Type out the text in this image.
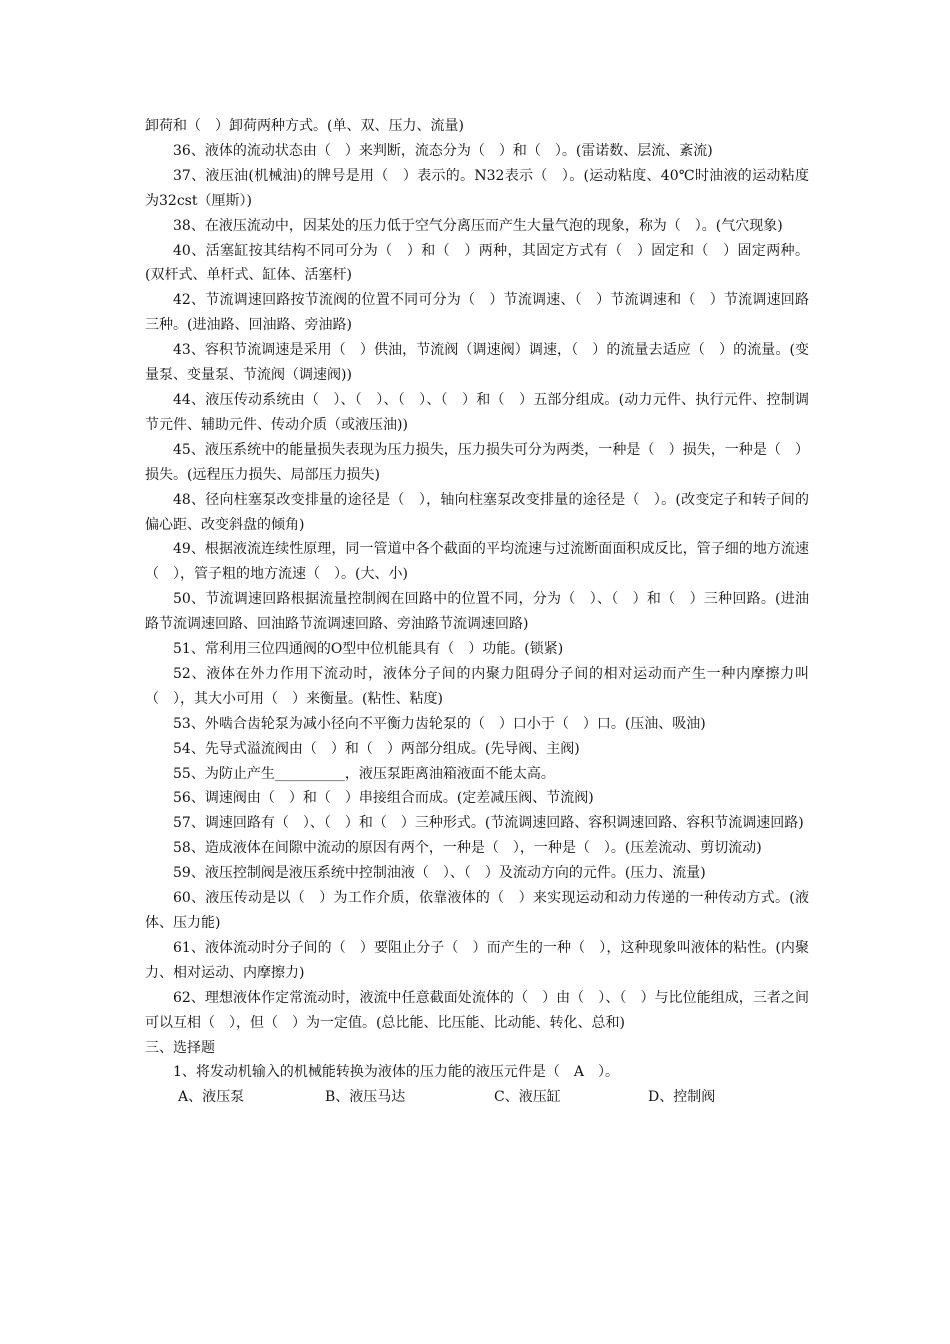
卸荷和（　）卸荷两种方式。(单、双、压力、流量)

36、液体的流动状态由（　）来判断，流态分为（　）和（　）。(雷诺数、层流、紊流)

37、液压油(机械油)的牌号是用（　）表示的。N32表示（　）。(运动粘度、40℃时油液的运动粘度为32cst（厘斯）)

38、在液压流动中，因某处的压力低于空气分离压而产生大量气泡的现象，称为（　）。(气穴现象)

40、活塞缸按其结构不同可分为（　）和（　）两种，其固定方式有（　）固定和（　）固定两种。(双杆式、单杆式、缸体、活塞杆)

42、节流调速回路按节流阀的位置不同可分为（　）节流调速、（　）节流调速和（　）节流调速回路三种。(进油路、回油路、旁油路)

43、容积节流调速是采用（　）供油，节流阀（调速阀）调速，（　）的流量去适应（　）的流量。(变量泵、变量泵、节流阀（调速阀))

44、液压传动系统由（　）、（　）、（　）、（　）和（　）五部分组成。(动力元件、执行元件、控制调节元件、辅助元件、传动介质（或液压油))

45、液压系统中的能量损失表现为压力损失，压力损失可分为两类，一种是（　）损失，一种是（　）损失。(远程压力损失、局部压力损失)

48、径向柱塞泵改变排量的途径是（　），轴向柱塞泵改变排量的途径是（　）。(改变定子和转子间的偏心距、改变斜盘的倾角)

49、根据液流连续性原理，同一管道中各个截面的平均流速与过流断面面积成反比，管子细的地方流速（　），管子粗的地方流速（　）。(大、小)

50、节流调速回路根据流量控制阀在回路中的位置不同，分为（　）、（　）和（　）三种回路。(进油路节流调速回路、回油路节流调速回路、旁油路节流调速回路)

51、常利用三位四通阀的O型中位机能具有（　）功能。(锁紧)

52、液体在外力作用下流动时，液体分子间的内聚力阻碍分子间的相对运动而产生一种内摩擦力叫（　），其大小可用（　）来衡量。(粘性、粘度)

53、外啮合齿轮泵为减小径向不平衡力齿轮泵的（　）口小于（　）口。(压油、吸油)

54、先导式溢流阀由（　）和（　）两部分组成。(先导阀、主阀)

55、为防止产生__________，液压泵距离油箱液面不能太高。

56、调速阀由（　）和（　）串接组合而成。(定差减压阀、节流阀)

57、调速回路有（　）、（　）和（　）三种形式。(节流调速回路、容积调速回路、容积节流调速回路)

58、造成液体在间隙中流动的原因有两个，一种是（　），一种是（　）。(压差流动、剪切流动)

59、液压控制阀是液压系统中控制油液（　）、（　）及流动方向的元件。(压力、流量)

60、液压传动是以（　）为工作介质，依靠液体的（　）来实现运动和动力传递的一种传动方式。(液体、压力能)

61、液体流动时分子间的（　）要阻止分子（　）而产生的一种（　），这种现象叫液体的粘性。(内聚力、相对运动、内摩擦力)

62、理想液体作定常流动时，液流中任意截面处流体的（　）由（　）、（　）与比位能组成，三者之间可以互相（　），但（　）为一定值。(总比能、比压能、比动能、转化、总和)

三、选择题

1、将发动机输入的机械能转换为液体的压力能的液压元件是（　A　）。

A、液压泵	B、液压马达	C、液压缸	D、控制阀
